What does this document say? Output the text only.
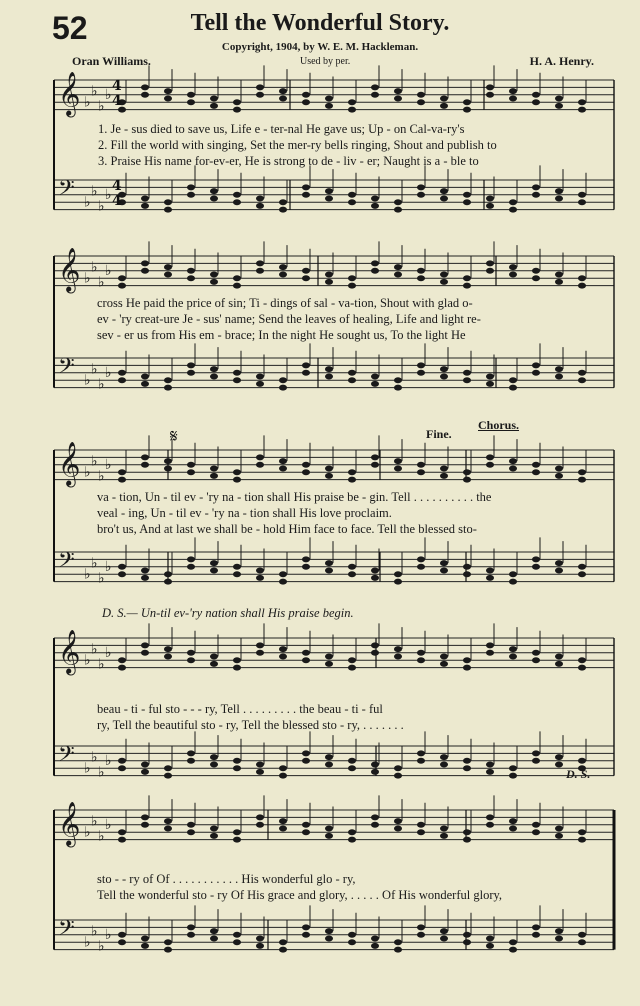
52	Tell the Wonderful Story.
Copyright, 1904, by W. E. M. Hackleman.
Oran Williams.	Used by per.	H. A. Henry.
𝄞 ♭
♭
♭
♭
𝄢 ♭
♭
♭
♭
𝄞 ♭
♭
♭
♭
𝄢 ♭
♭
♭
♭
𝄞 ♭
♭
♭
♭
𝄢 ♭
♭
♭
♭
𝄞 ♭
♭
♭
♭
𝄢 ♭
♭
♭
♭
𝄞 ♭
♭
♭
♭
𝄢 ♭
♭
♭
♭
4
4
4
4
𝄋
1. Je - sus died to save us, Life e - ter-nal He gave us; Up - on Cal-va-ry's
2. Fill the world with singing, Set the mer-ry bells ringing, Shout and publish to
3. Praise His name for-ev-er, He is strong to de - liv - er; Naught is a - ble to
cross He paid the price of sin; Ti - dings of sal - va-tion, Shout with glad o-
ev - 'ry creat-ure Je - sus' name; Send the leaves of healing, Life and light re-
sev - er us from His em - brace; In the night He sought us, To the light He
va - tion, Un - til ev - 'ry na - tion shall His praise be - gin. Tell . . . . . . . . . . the
veal - ing, Un - til ev - 'ry na - tion shall His love proclaim.
bro't us, And at last we shall be - hold Him face to face. Tell the blessed sto-
Fine.
Chorus.
D. S.— Un-til ev-'ry nation shall His praise begin.
beau - ti - ful sto - - - ry, Tell . . . . . . . . . the beau - ti - ful
ry, Tell the beautiful sto - ry, Tell the blessed sto - ry, . . . . . . .
D. S.
sto - - ry of Of . . . . . . . . . . . His wonderful glo - ry,
Tell the wonderful sto - ry Of His grace and glory, . . . . . Of His wonderful glory,
